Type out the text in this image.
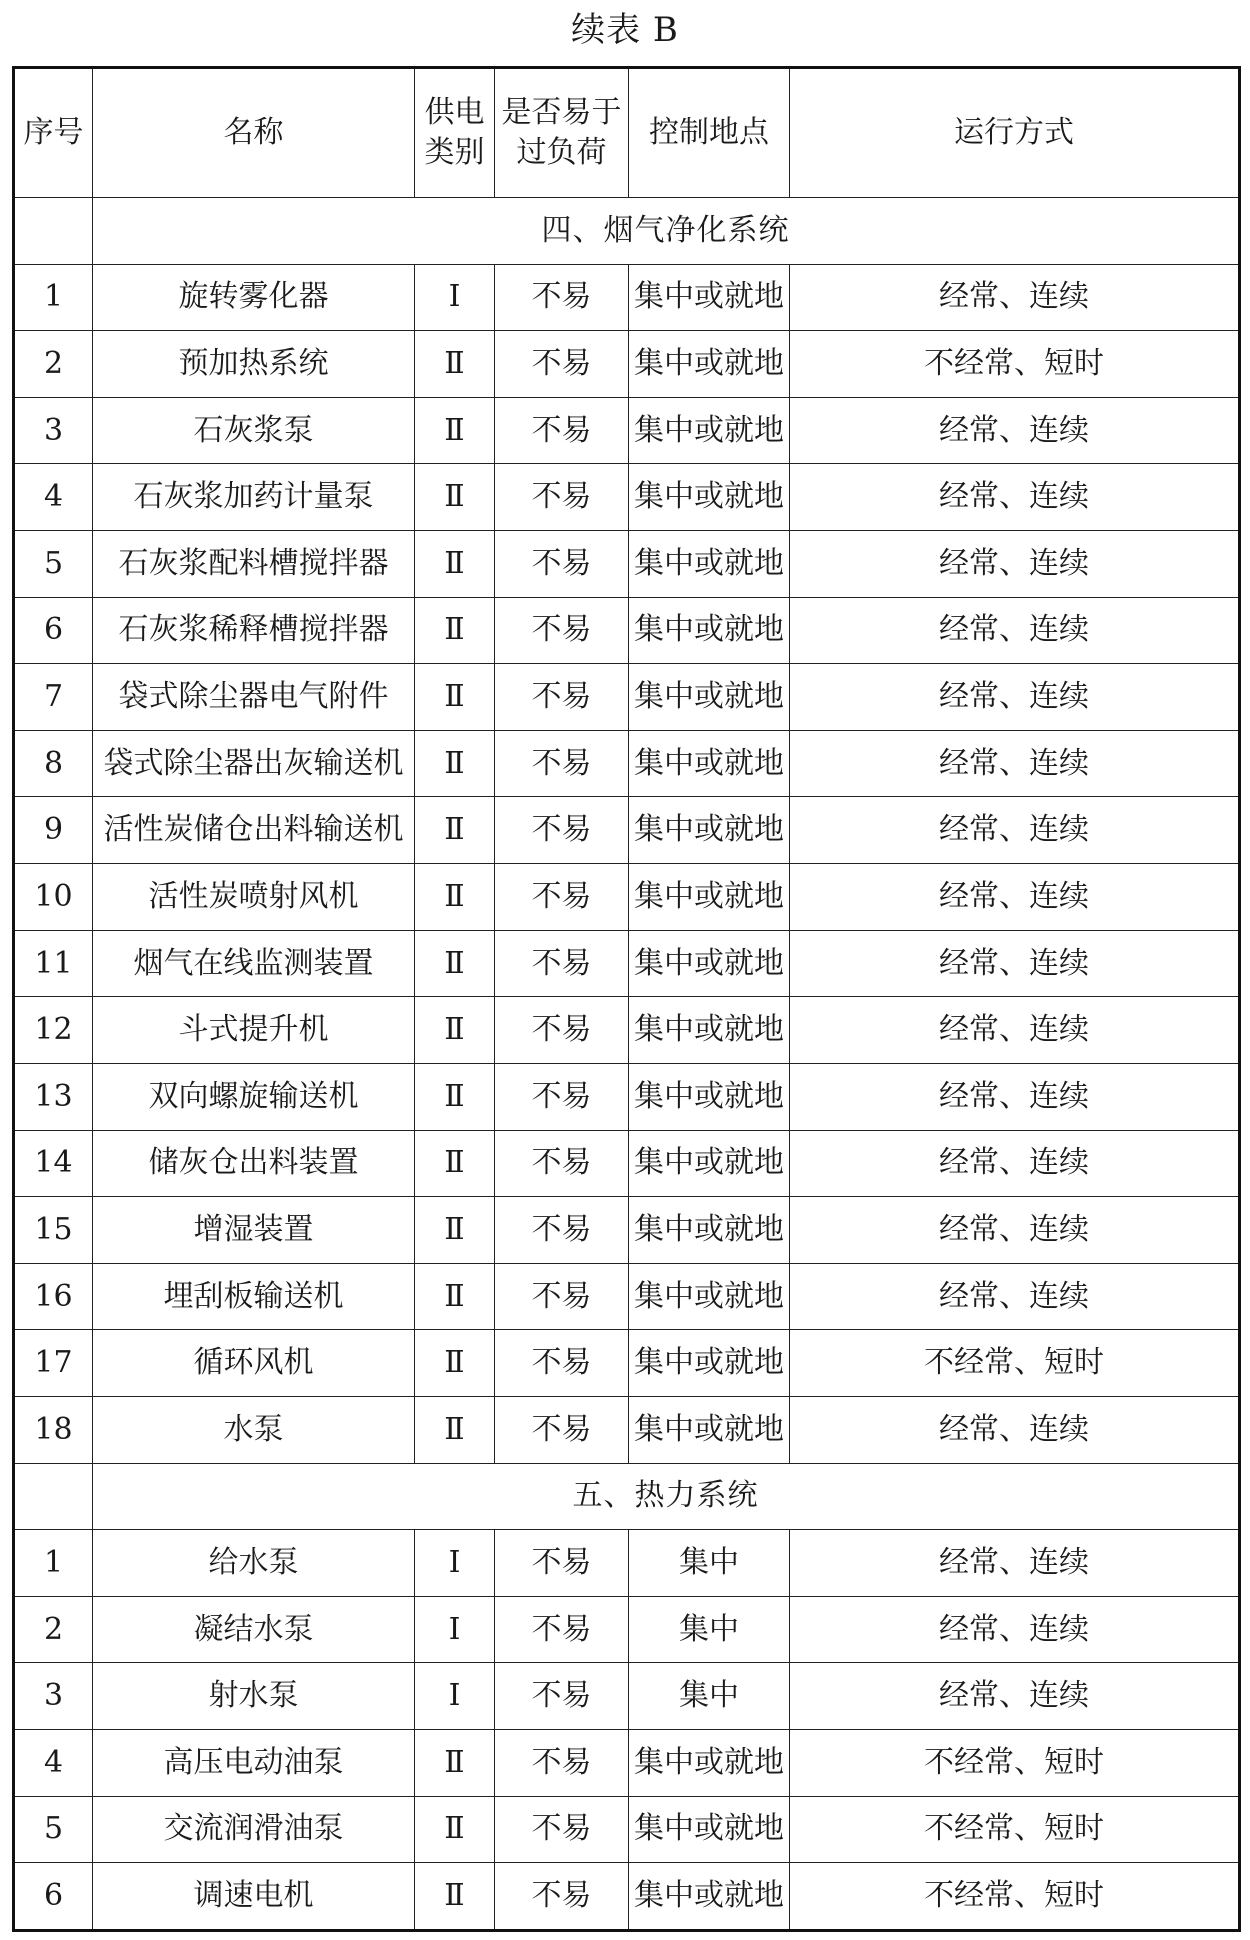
续表 B
序号	名称	供电类别	是否易于过负荷	控制地点	运行方式
	四、烟气净化系统				
1	旋转雾化器	Ⅰ	不易	集中或就地	经常、连续
2	预加热系统	Ⅱ	不易	集中或就地	不经常、短时
3	石灰浆泵	Ⅱ	不易	集中或就地	经常、连续
4	石灰浆加药计量泵	Ⅱ	不易	集中或就地	经常、连续
5	石灰浆配料槽搅拌器	Ⅱ	不易	集中或就地	经常、连续
6	石灰浆稀释槽搅拌器	Ⅱ	不易	集中或就地	经常、连续
7	袋式除尘器电气附件	Ⅱ	不易	集中或就地	经常、连续
8	袋式除尘器出灰输送机	Ⅱ	不易	集中或就地	经常、连续
9	活性炭储仓出料输送机	Ⅱ	不易	集中或就地	经常、连续
10	活性炭喷射风机	Ⅱ	不易	集中或就地	经常、连续
11	烟气在线监测装置	Ⅱ	不易	集中或就地	经常、连续
12	斗式提升机	Ⅱ	不易	集中或就地	经常、连续
13	双向螺旋输送机	Ⅱ	不易	集中或就地	经常、连续
14	储灰仓出料装置	Ⅱ	不易	集中或就地	经常、连续
15	增湿装置	Ⅱ	不易	集中或就地	经常、连续
16	埋刮板输送机	Ⅱ	不易	集中或就地	经常、连续
17	循环风机	Ⅱ	不易	集中或就地	不经常、短时
18	水泵	Ⅱ	不易	集中或就地	经常、连续
	五、热力系统				
1	给水泵	Ⅰ	不易	集中	经常、连续
2	凝结水泵	Ⅰ	不易	集中	经常、连续
3	射水泵	Ⅰ	不易	集中	经常、连续
4	高压电动油泵	Ⅱ	不易	集中或就地	不经常、短时
5	交流润滑油泵	Ⅱ	不易	集中或就地	不经常、短时
6	调速电机	Ⅱ	不易	集中或就地	不经常、短时
